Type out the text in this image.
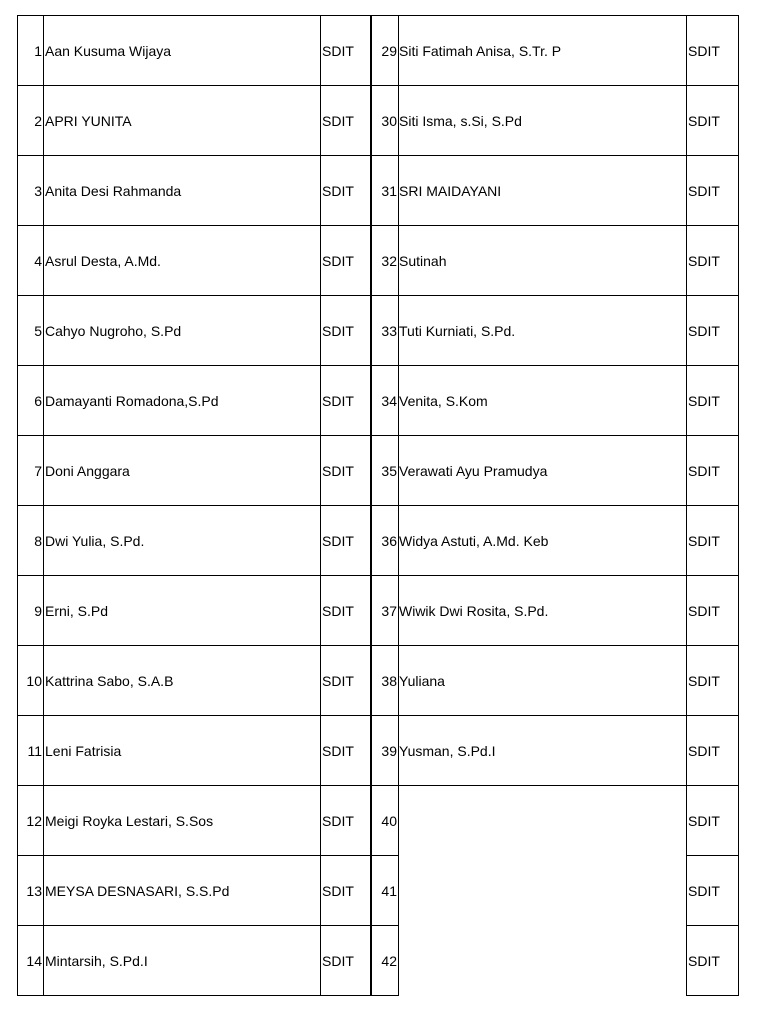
1 Aan Kusuma Wijaya	SDIT
2 APRI YUNITA	SDIT
3 Anita Desi Rahmanda	SDIT
4 Asrul Desta, A.Md.	SDIT
5 Cahyo Nugroho, S.Pd	SDIT
6 Damayanti Romadona,S.Pd	SDIT
7 Doni Anggara	SDIT
8 Dwi Yulia, S.Pd.	SDIT
9 Erni, S.Pd	SDIT
10 Kattrina Sabo, S.A.B	SDIT
11 Leni Fatrisia	SDIT
12 Meigi Royka Lestari, S.Sos	SDIT
13 MEYSA DESNASARI, S.S.Pd	SDIT
14 Mintarsih, S.Pd.I	SDIT
29 Siti Fatimah Anisa, S.Tr. P	SDIT
30 Siti Isma, s.Si, S.Pd	SDIT
31 SRI MAIDAYANI	SDIT
32 Sutinah	SDIT
33 Tuti Kurniati, S.Pd.	SDIT
34 Venita, S.Kom	SDIT
35 Verawati Ayu Pramudya	SDIT
36 Widya Astuti, A.Md. Keb	SDIT
37 Wiwik Dwi Rosita, S.Pd.	SDIT
38 Yuliana	SDIT
39 Yusman, S.Pd.I	SDIT
40	SDIT
41	SDIT
42	SDIT
